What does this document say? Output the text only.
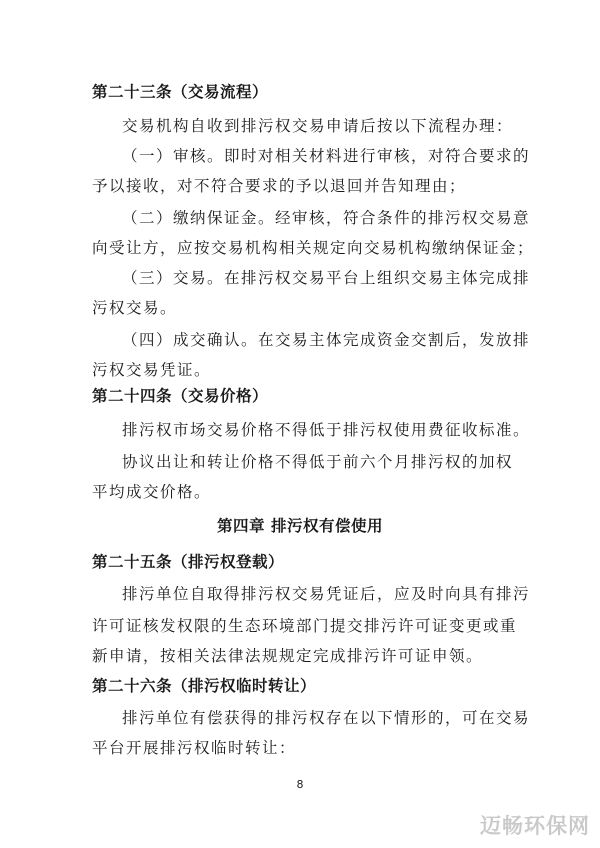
第二十三条（交易流程）
交易机构自收到排污权交易申请后按以下流程办理：
（一）审核。即时对相关材料进行审核，对符合要求的
予以接收，对不符合要求的予以退回并告知理由；
（二）缴纳保证金。经审核，符合条件的排污权交易意
向受让方，应按交易机构相关规定向交易机构缴纳保证金；
（三）交易。在排污权交易平台上组织交易主体完成排
污权交易。
（四）成交确认。在交易主体完成资金交割后，发放排
污权交易凭证。
第二十四条（交易价格）
排污权市场交易价格不得低于排污权使用费征收标准。
协议出让和转让价格不得低于前六个月排污权的加权
平均成交价格。
第四章 排污权有偿使用
第二十五条（排污权登载）
排污单位自取得排污权交易凭证后，应及时向具有排污
许可证核发权限的生态环境部门提交排污许可证变更或重
新申请，按相关法律法规规定完成排污许可证申领。
第二十六条（排污权临时转让）
排污单位有偿获得的排污权存在以下情形的，可在交易
平台开展排污权临时转让：
8
迈畅环保网
